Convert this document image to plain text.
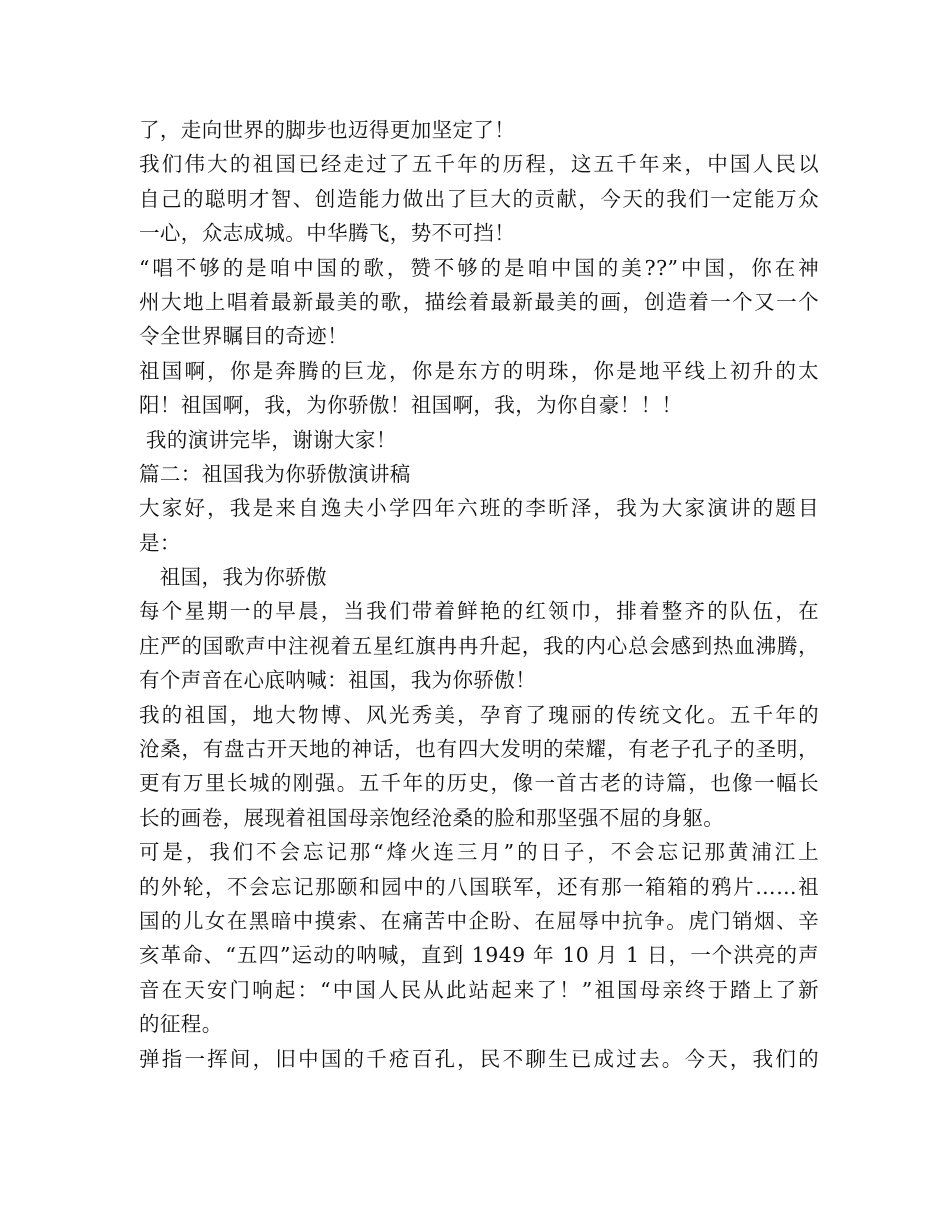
了，走向世界的脚步也迈得更加坚定了！
我们伟大的祖国已经走过了五千年的历程，这五千年来，中国人民以
自己的聪明才智、创造能力做出了巨大的贡献，今天的我们一定能万众
一心，众志成城。中华腾飞，势不可挡！
“唱不够的是咱中国的歌，赞不够的是咱中国的美??”中国，你在神
州大地上唱着最新最美的歌，描绘着最新最美的画，创造着一个又一个
令全世界瞩目的奇迹！
祖国啊，你是奔腾的巨龙，你是东方的明珠，你是地平线上初升的太
阳！祖国啊，我，为你骄傲！祖国啊，我，为你自豪！！！
我的演讲完毕，谢谢大家！
篇二：祖国我为你骄傲演讲稿
大家好，我是来自逸夫小学四年六班的李昕泽，我为大家演讲的题目
是：
祖国，我为你骄傲
每个星期一的早晨，当我们带着鲜艳的红领巾，排着整齐的队伍，在
庄严的国歌声中注视着五星红旗冉冉升起，我的内心总会感到热血沸腾，
有个声音在心底呐喊：祖国，我为你骄傲！
我的祖国，地大物博、风光秀美，孕育了瑰丽的传统文化。五千年的
沧桑，有盘古开天地的神话，也有四大发明的荣耀，有老子孔子的圣明，
更有万里长城的刚强。五千年的历史，像一首古老的诗篇，也像一幅长
长的画卷，展现着祖国母亲饱经沧桑的脸和那坚强不屈的身躯。
可是，我们不会忘记那“烽火连三月”的日子，不会忘记那黄浦江上
的外轮，不会忘记那颐和园中的八国联军，还有那一箱箱的鸦片……祖
国的儿女在黑暗中摸索、在痛苦中企盼、在屈辱中抗争。虎门销烟、辛
亥革命、“五四”运动的呐喊，直到 1949 年 10 月 1 日，一个洪亮的声
音在天安门响起：“中国人民从此站起来了！”祖国母亲终于踏上了新
的征程。
弹指一挥间，旧中国的千疮百孔，民不聊生已成过去。今天，我们的
